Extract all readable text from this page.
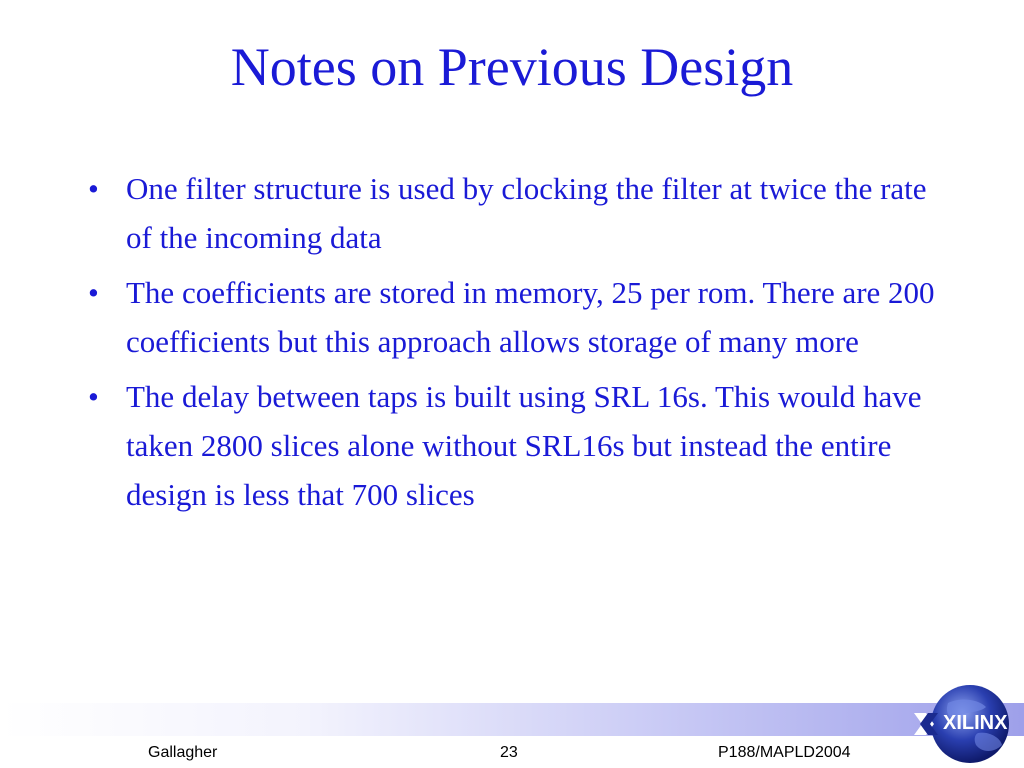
Notes on Previous Design
• One filter structure is used by clocking the filter at twice the rate of the incoming data
• The coefficients are stored in memory, 25 per rom. There are 200 coefficients but this approach allows storage of many more
• The delay between taps is built using SRL 16s. This would have taken 2800 slices alone without SRL16s but instead the entire design is less that 700 slices
Gallagher	23	P188/MAPLD2004
XILINX
